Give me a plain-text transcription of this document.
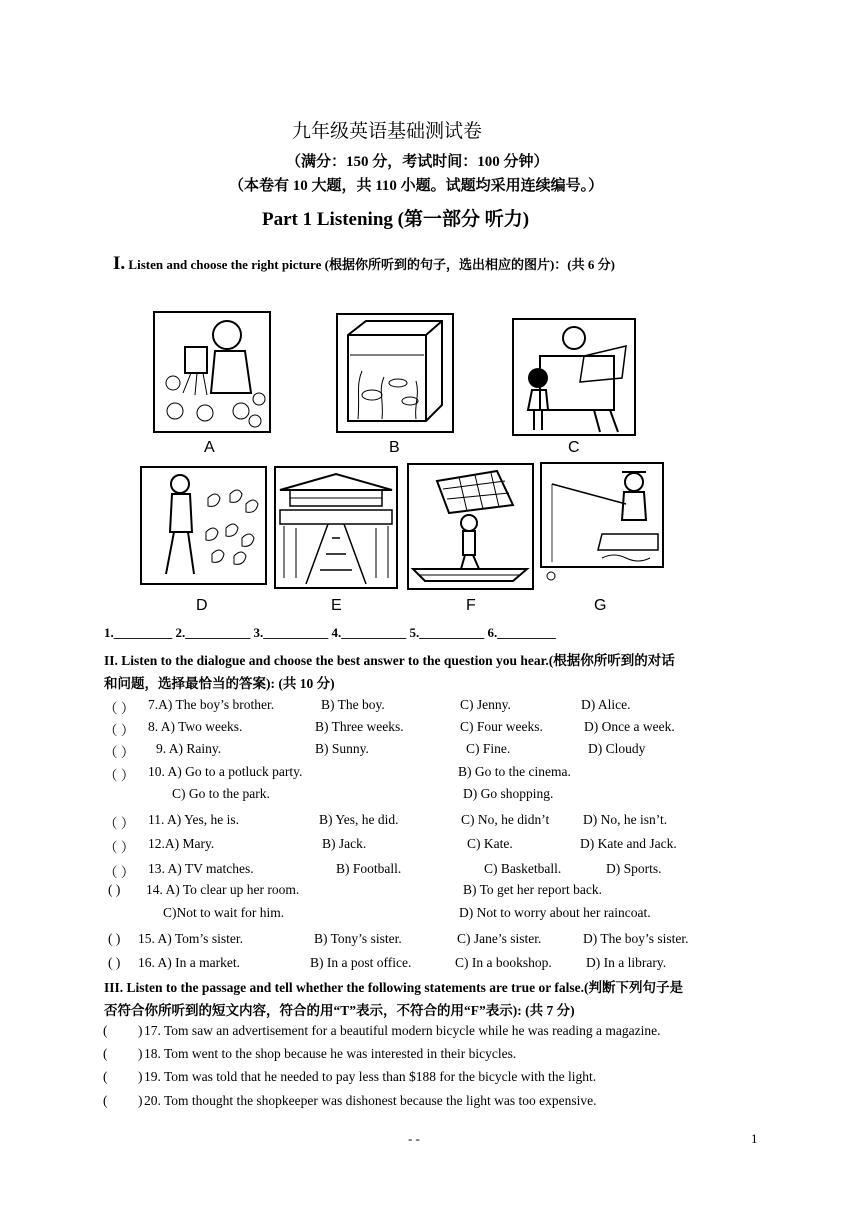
九年级英语基础测试卷
（满分：150 分，考试时间：100 分钟）
（本卷有 10 大题，共 110 小题。试题均采用连续编号。）
Part 1 Listening (第一部分 听力)
I. Listen and choose the right picture (根据你所听到的句子，选出相应的图片)：(共 6 分)
A	B	C
D	E	F	G
1._________ 2.__________ 3.__________ 4.__________ 5.__________ 6._________
II. Listen to the dialogue and choose the best answer to the question you hear.(根据你所听到的对话
和问题，选择最恰当的答案): (共 10 分)
（ ） 7.A) The boy’s brother.	B) The boy.	C) Jenny.	D) Alice.
（ ） 8. A) Two weeks.	B) Three weeks.	C) Four weeks.	D) Once a week.
（ ） 9. A) Rainy.	B) Sunny.	C) Fine.	D) Cloudy
（ ） 10. A) Go to a potluck party.	B) Go to the cinema.
C) Go to the park.	D) Go shopping.
（ ） 11. A) Yes, he is.	B) Yes, he did.	C) No, he didn’t	D) No, he isn’t.
（ ） 12.A) Mary.	B) Jack.	C) Kate.	D) Kate and Jack.
（ ） 13. A) TV matches.	B) Football.	C) Basketball.	D) Sports.
( ) 14. A) To clear up her room.	B) To get her report back.
C)Not to wait for him.	D) Not to worry about her raincoat.
( ) 15. A) Tom’s sister.	B) Tony’s sister.	C) Jane’s sister.	D) The boy’s sister.
( ) 16. A) In a market.	B) In a post office.	C) In a bookshop.	D) In a library.
III. Listen to the passage and tell whether the following statements are true or false.(判断下列句子是
否符合你所听到的短文内容，符合的用“T”表示，不符合的用“F”表示): (共 7 分)
( ) 17. Tom saw an advertisement for a beautiful modern bicycle while he was reading a magazine.
( ) 18. Tom went to the shop because he was interested in their bicycles.
( ) 19. Tom was told that he needed to pay less than $188 for the bicycle with the light.
( ) 20. Tom thought the shopkeeper was dishonest because the light was too expensive.
- -	1
